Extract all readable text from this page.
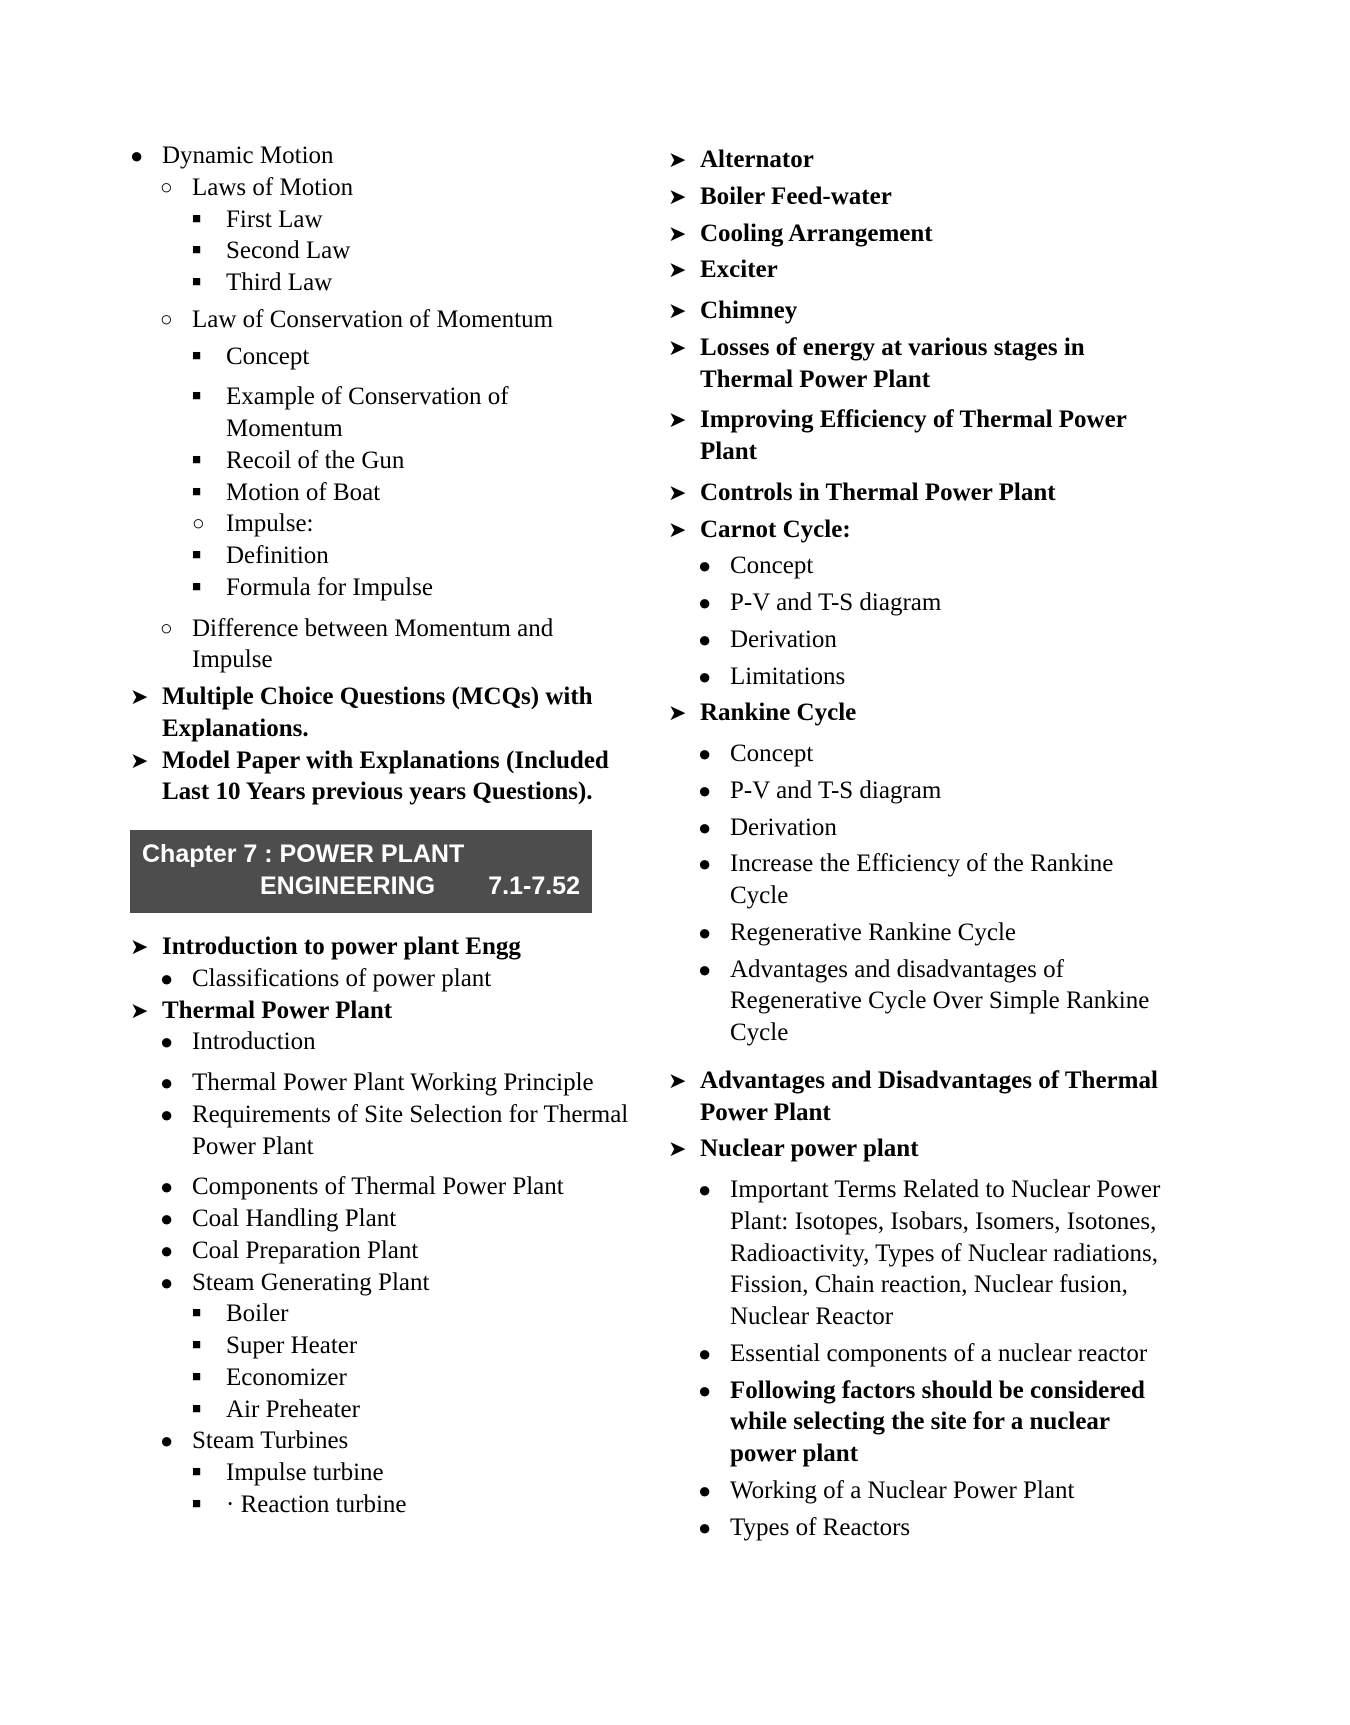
● Dynamic Motion
○ Laws of Motion
■ First Law
■ Second Law
■ Third Law
○ Law of Conservation of Momentum
■ Concept
■ Example of Conservation of Momentum
■ Recoil of the Gun
■ Motion of Boat
○ Impulse:
■ Definition
■ Formula for Impulse
○ Difference between Momentum and Impulse
➤ Multiple Choice Questions (MCQs) with Explanations.
➤ Model Paper with Explanations (Included Last 10 Years previous years Questions).
Chapter 7 : POWER PLANT
ENGINEERING 7.1-7.52
➤ Introduction to power plant Engg
● Classifications of power plant
➤ Thermal Power Plant
● Introduction
● Thermal Power Plant Working Principle
● Requirements of Site Selection for Thermal Power Plant
● Components of Thermal Power Plant
● Coal Handling Plant
● Coal Preparation Plant
● Steam Generating Plant
■ Boiler
■ Super Heater
■ Economizer
■ Air Preheater
● Steam Turbines
■ Impulse turbine
■ · Reaction turbine
➤ Alternator
➤ Boiler Feed-water
➤ Cooling Arrangement
➤ Exciter
➤ Chimney
➤ Losses of energy at various stages in Thermal Power Plant
➤ Improving Efficiency of Thermal Power Plant
➤ Controls in Thermal Power Plant
➤ Carnot Cycle:
● Concept
● P-V and T-S diagram
● Derivation
● Limitations
➤ Rankine Cycle
● Concept
● P-V and T-S diagram
● Derivation
● Increase the Efficiency of the Rankine Cycle
● Regenerative Rankine Cycle
● Advantages and disadvantages of Regenerative Cycle Over Simple Rankine Cycle
➤ Advantages and Disadvantages of Thermal Power Plant
➤ Nuclear power plant
● Important Terms Related to Nuclear Power Plant: Isotopes, Isobars, Isomers, Isotones, Radioactivity, Types of Nuclear radiations, Fission, Chain reaction, Nuclear fusion, Nuclear Reactor
● Essential components of a nuclear reactor
● Following factors should be considered while selecting the site for a nuclear power plant
● Working of a Nuclear Power Plant
● Types of Reactors
